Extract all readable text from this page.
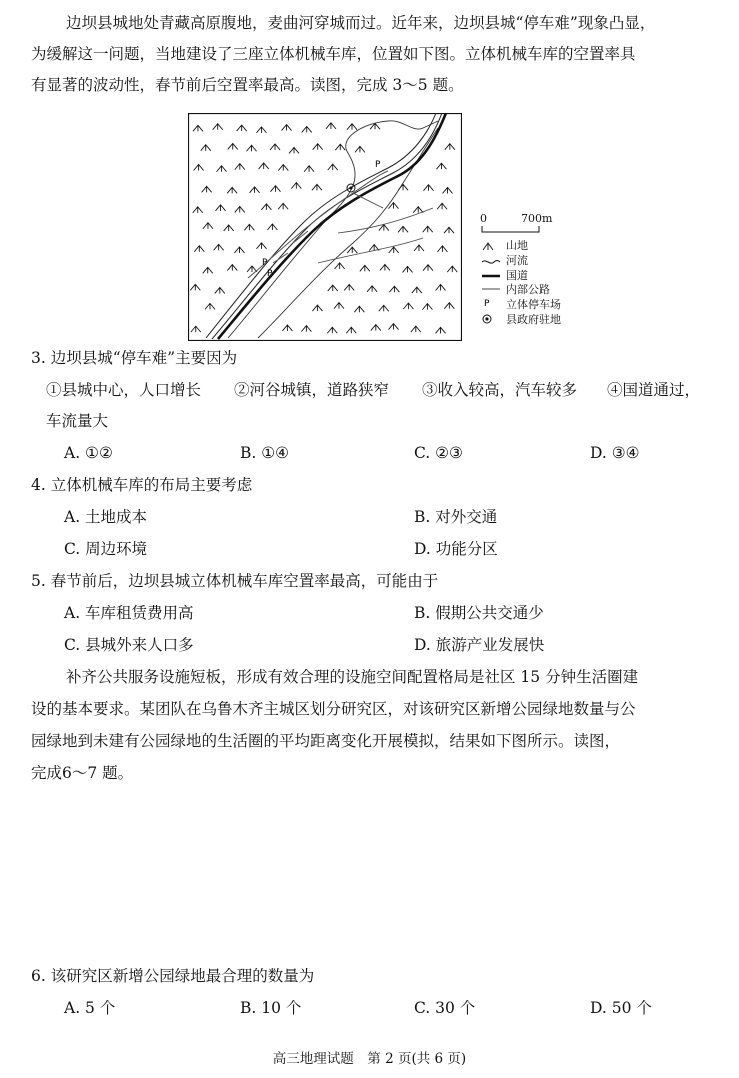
边坝县城地处青藏高原腹地，麦曲河穿城而过。近年来，边坝县城“停车难”现象凸显，
为缓解这一问题，当地建设了三座立体机械车库，位置如下图。立体机械车库的空置率具
有显著的波动性，春节前后空置率最高。读图，完成 3～5 题。
P
P
P
0	700m
P
山地
河流
国道
内部公路
立体停车场
县政府驻地
3. 边坝县城“停车难”主要因为
①县城中心，人口增长 ②河谷城镇，道路狭窄 ③收入较高，汽车较多 ④国道通过，
车流量大
A. ①②	B. ①④	C. ②③	D. ③④
4. 立体机械车库的布局主要考虑
A. 土地成本	B. 对外交通
C. 周边环境	D. 功能分区
5. 春节前后，边坝县城立体机械车库空置率最高，可能由于
A. 车库租赁费用高	B. 假期公共交通少
C. 县城外来人口多	D. 旅游产业发展快
补齐公共服务设施短板，形成有效合理的设施空间配置格局是社区 15 分钟生活圈建
设的基本要求。某团队在乌鲁木齐主城区划分研究区，对该研究区新增公园绿地数量与公
园绿地到未建有公园绿地的生活圈的平均距离变化开展模拟，结果如下图所示。读图，
完成6～7 题。
6. 该研究区新增公园绿地最合理的数量为
A. 5 个	B. 10 个	C. 30 个	D. 50 个
高三地理试题　第 2 页(共 6 页)
